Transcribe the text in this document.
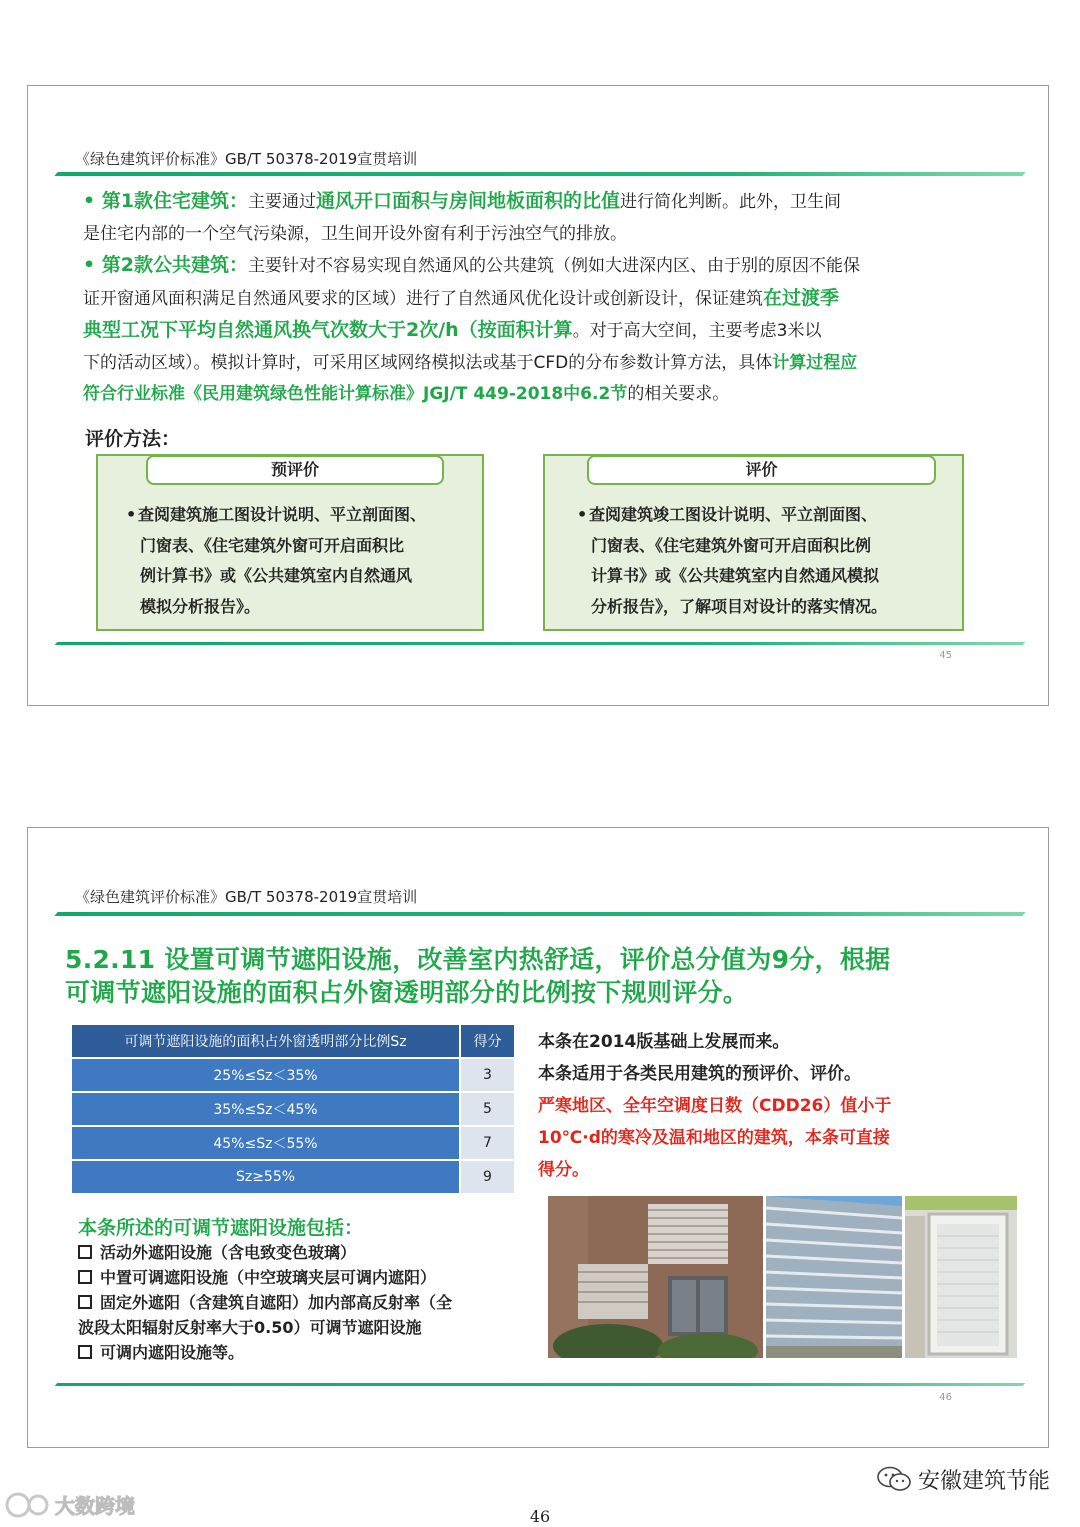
《绿色建筑评价标准》GB/T 50378-2019宣贯培训

• 第1款住宅建筑：主要通过通风开口面积与房间地板面积的比值进行简化判断。此外，卫生间

是住宅内部的一个空气污染源，卫生间开设外窗有利于污浊空气的排放。

• 第2款公共建筑：主要针对不容易实现自然通风的公共建筑（例如大进深内区、由于别的原因不能保

证开窗通风面积满足自然通风要求的区域）进行了自然通风优化设计或创新设计，保证建筑在过渡季

典型工况下平均自然通风换气次数大于2次/h（按面积计算。对于高大空间，主要考虑3米以

下的活动区域）。模拟计算时，可采用区域网络模拟法或基于CFD的分布参数计算方法，具体计算过程应

符合行业标准《民用建筑绿色性能计算标准》JGJ/T 449-2018中6.2节的相关要求。

评价方法：
预评价
• 查阅建筑施工图设计说明、平立剖面图、
门窗表、《住宅建筑外窗可开启面积比
例计算书》或《公共建筑室内自然通风
模拟分析报告》。
评价
• 查阅建筑竣工图设计说明、平立剖面图、
门窗表、《住宅建筑外窗可开启面积比例
计算书》或《公共建筑室内自然通风模拟
分析报告》，了解项目对设计的落实情况。
45
《绿色建筑评价标准》GB/T 50378-2019宣贯培训
5.2.11 设置可调节遮阳设施，改善室内热舒适，评价总分值为9分，根据
可调节遮阳设施的面积占外窗透明部分的比例按下规则评分。
可调节遮阳设施的面积占外窗透明部分比例Sz	得分
25%≤Sz＜35%	3
35%≤Sz＜45%	5
45%≤Sz＜55%	7
Sz≥55%	9
本条在2014版基础上发展而来。
本条适用于各类民用建筑的预评价、评价。
严寒地区、全年空调度日数（CDD26）值小于
10℃·d的寒冷及温和地区的建筑，本条可直接
得分。
本条所述的可调节遮阳设施包括：
活动外遮阳设施（含电致变色玻璃）
中置可调遮阳设施（中空玻璃夹层可调内遮阳）
固定外遮阳（含建筑自遮阳）加内部高反射率（全
波段太阳辐射反射率大于0.50）可调节遮阳设施
可调内遮阳设施等。
46
大数跨境
安徽建筑节能
46
